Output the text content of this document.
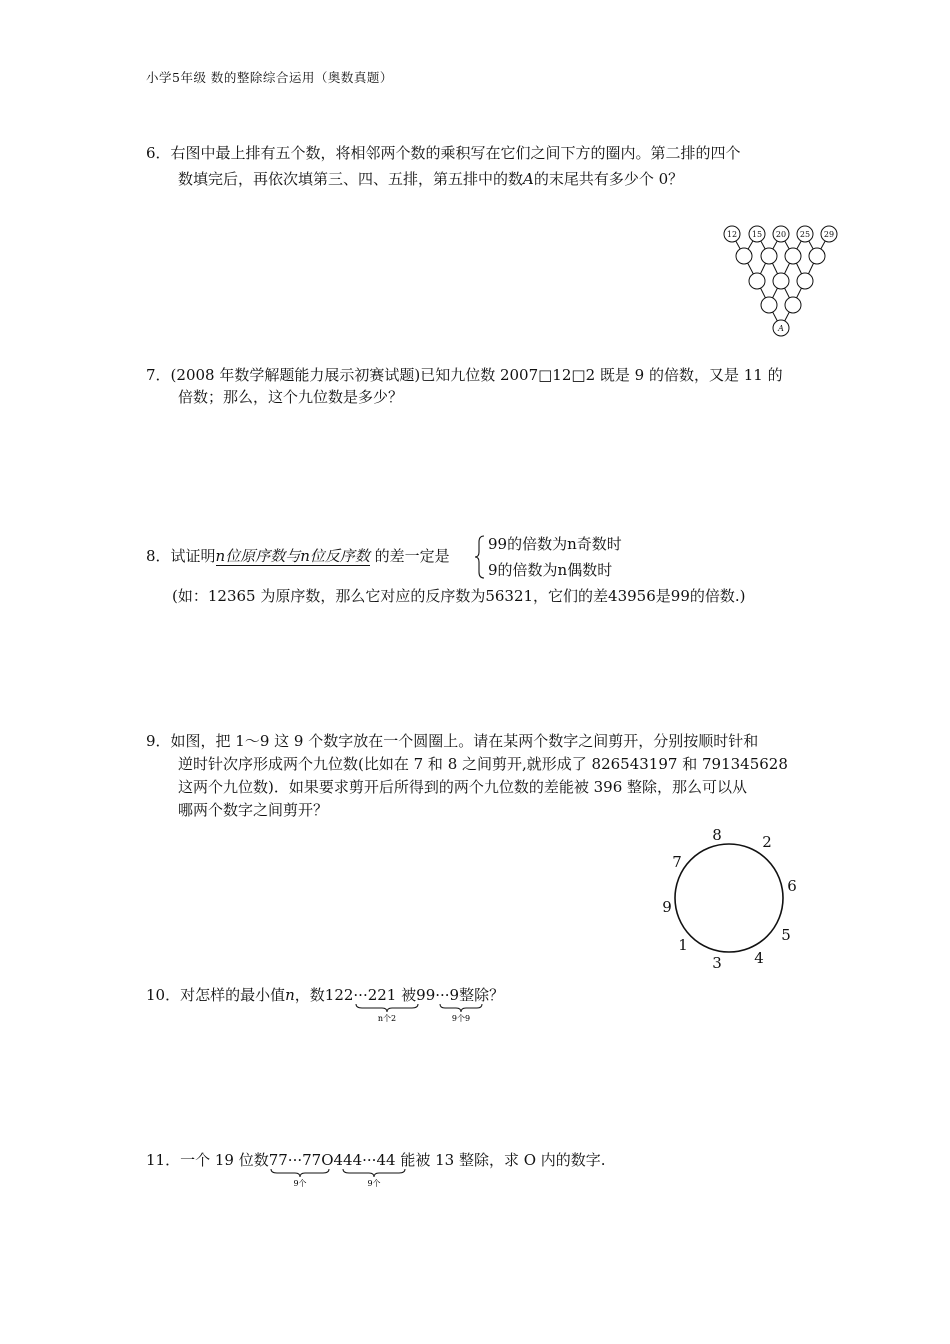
小学5年级 数的整除综合运用（奥数真题）
6．右图中最上排有五个数，将相邻两个数的乘积写在它们之间下方的圈内。第二排的四个
数填完后，再依次填第三、四、五排，第五排中的数A的末尾共有多少个 0？
12 15 20 25 29
A
7．(2008 年数学解题能力展示初赛试题)已知九位数 2007□12□2 既是 9 的倍数，又是 11 的
倍数；那么，这个九位数是多少？
8．试证明n位原序数与n位反序数 的差一定是
99的倍数为n奇数时
9的倍数为n偶数时
(如：12365 为原序数，那么它对应的反序数为56321，它们的差43956是99的倍数.)
9．如图，把 1～9 这 9 个数字放在一个圆圈上。请在某两个数字之间剪开，分别按顺时针和
逆时针次序形成两个九位数(比如在 7 和 8 之间剪开,就形成了 826543197 和 791345628
这两个九位数)．如果要求剪开后所得到的两个九位数的差能被 396 整除，那么可以从
哪两个数字之间剪开？
8	2
6
5
4
3
1
9
7
10．对怎样的最小值n，数122···221 被99···9整除？
n个2	9个9
11．一个 19 位数77···77O444···44 能被 13 整除，求 O 内的数字.
9个	9个
